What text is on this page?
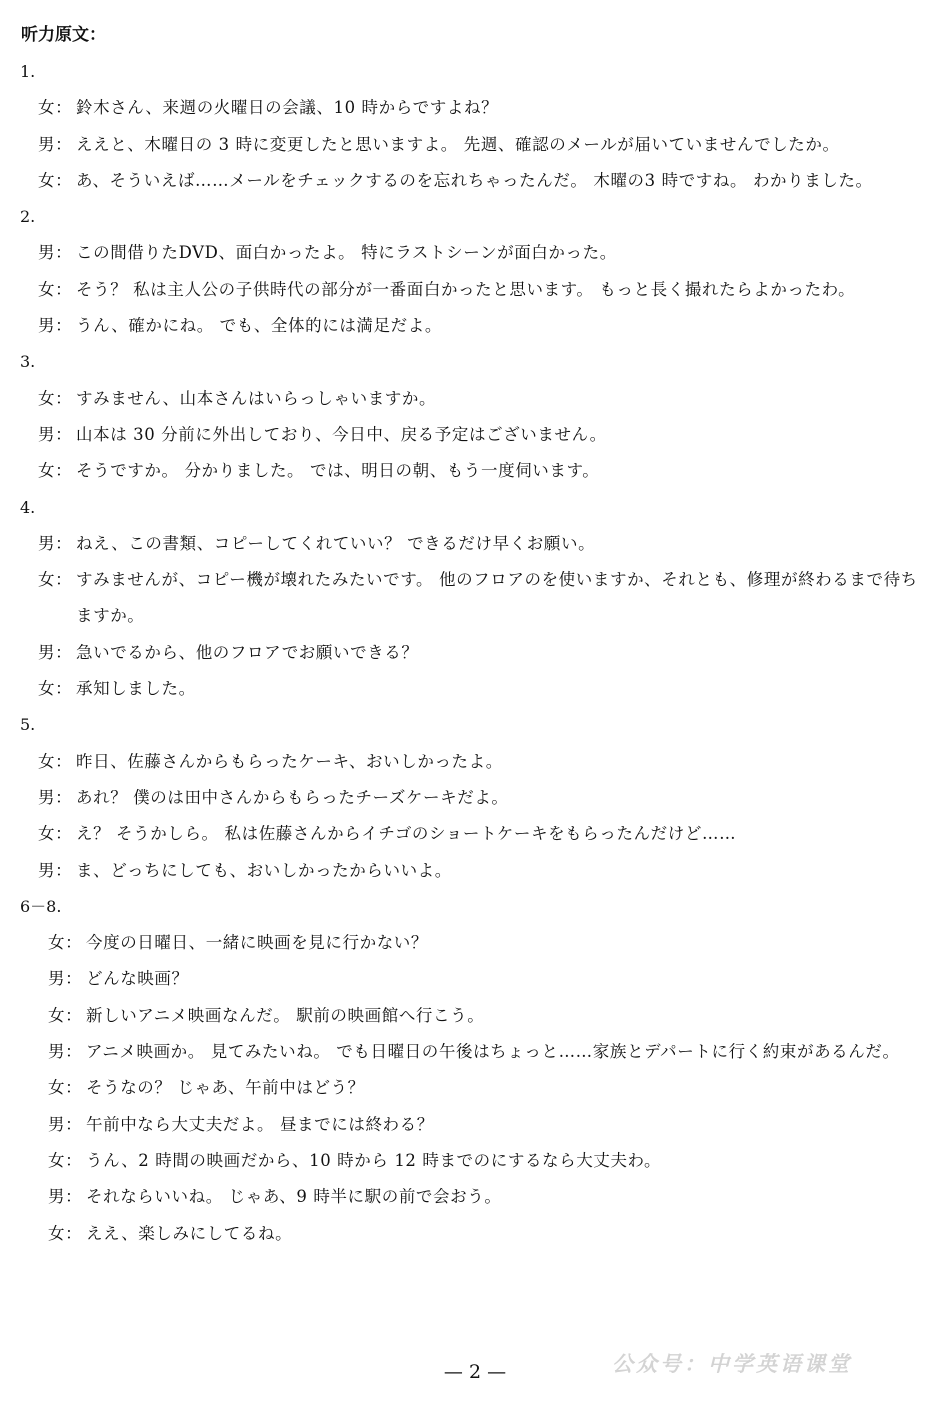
听力原文：
1.
女： 鈴木さん、来週の火曜日の会議、10 時からですよね？
男： ええと、木曜日の 3 時に変更したと思いますよ。 先週、確認のメールが届いていませんでしたか。
女： あ、そういえば……メールをチェックするのを忘れちゃったんだ。 木曜の3 時ですね。 わかりました。
2.
男： この間借りたDVD、面白かったよ。 特にラストシーンが面白かった。
女： そう？ 私は主人公の子供時代の部分が一番面白かったと思います。 もっと長く撮れたらよかったわ。
男： うん、確かにね。 でも、全体的には満足だよ。
3.
女： すみません、山本さんはいらっしゃいますか。
男： 山本は 30 分前に外出しており、今日中、戻る予定はございません。
女： そうですか。 分かりました。 では、明日の朝、もう一度伺います。
4.
男： ねえ、この書類、コピーしてくれていい？ できるだけ早くお願い。
女： すみませんが、コピー機が壊れたみたいです。 他のフロアのを使いますか、それとも、修理が終わるまで待ちますか。
男： 急いでるから、他のフロアでお願いできる？
女： 承知しました。
5.
女： 昨日、佐藤さんからもらったケーキ、おいしかったよ。
男： あれ？ 僕のは田中さんからもらったチーズケーキだよ。
女： え？ そうかしら。 私は佐藤さんからイチゴのショートケーキをもらったんだけど……
男： ま、どっちにしても、おいしかったからいいよ。
6－8.
女： 今度の日曜日、一緒に映画を見に行かない？
男： どんな映画？
女： 新しいアニメ映画なんだ。 駅前の映画館へ行こう。
男： アニメ映画か。 見てみたいね。 でも日曜日の午後はちょっと……家族とデパートに行く約束があるんだ。
女： そうなの？ じゃあ、午前中はどう？
男： 午前中なら大丈夫だよ。 昼までには終わる？
女： うん、2 時間の映画だから、10 時から 12 時までのにするなら大丈夫わ。
男： それならいいね。 じゃあ、9 時半に駅の前で会おう。
女： ええ、楽しみにしてるね。
— 2 —	公众号：中学英语课堂
